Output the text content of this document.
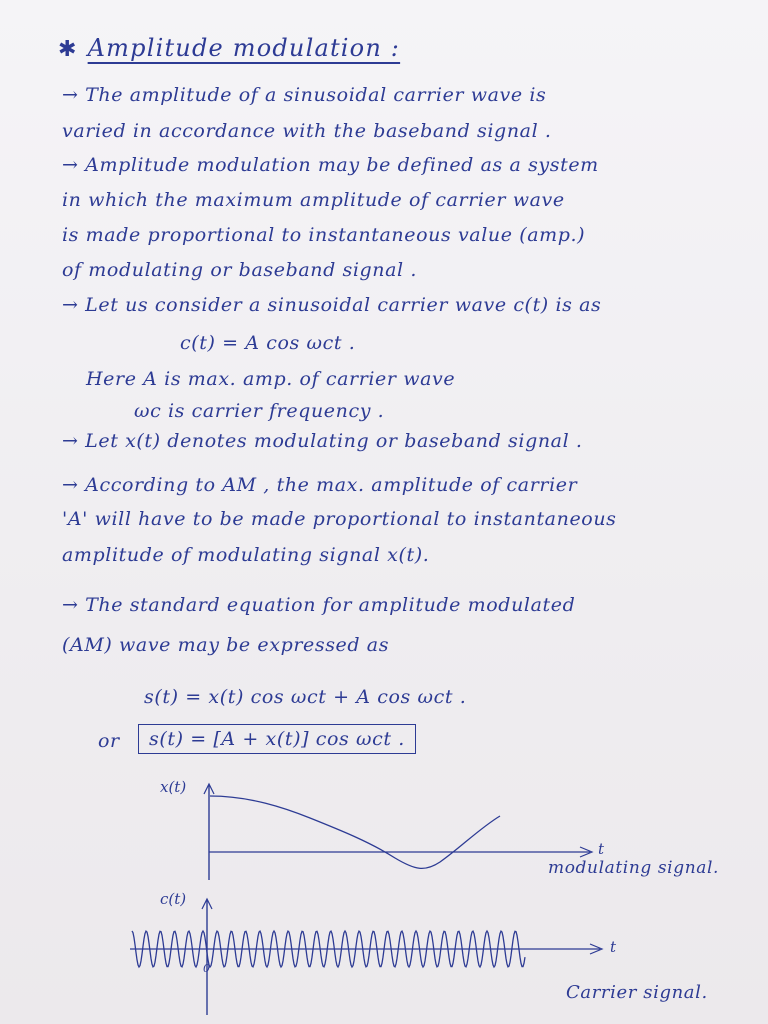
✱ Amplitude modulation :
→ The amplitude of a sinusoidal carrier wave is
varied in accordance with the baseband signal .
→ Amplitude modulation may be defined as a system
in which the maximum amplitude of carrier wave
is made proportional to instantaneous value (amp.)
of modulating or baseband signal .
→ Let us consider a sinusoidal carrier wave c(t) is as
c(t) = A cos ωct .
Here A is max. amp. of carrier wave
ωc is carrier frequency .
→ Let x(t) denotes modulating or baseband signal .
→ According to AM , the max. amplitude of carrier
'A' will have to be made proportional to instantaneous
amplitude of modulating signal x(t).
→ The standard equation for amplitude modulated
(AM) wave may be expressed as
s(t) = x(t) cos ωct + A cos ωct .
or	s(t) = [A + x(t)] cos ωct .
x(t)
t
modulating signal.
c(t)
t
0
Carrier signal.
